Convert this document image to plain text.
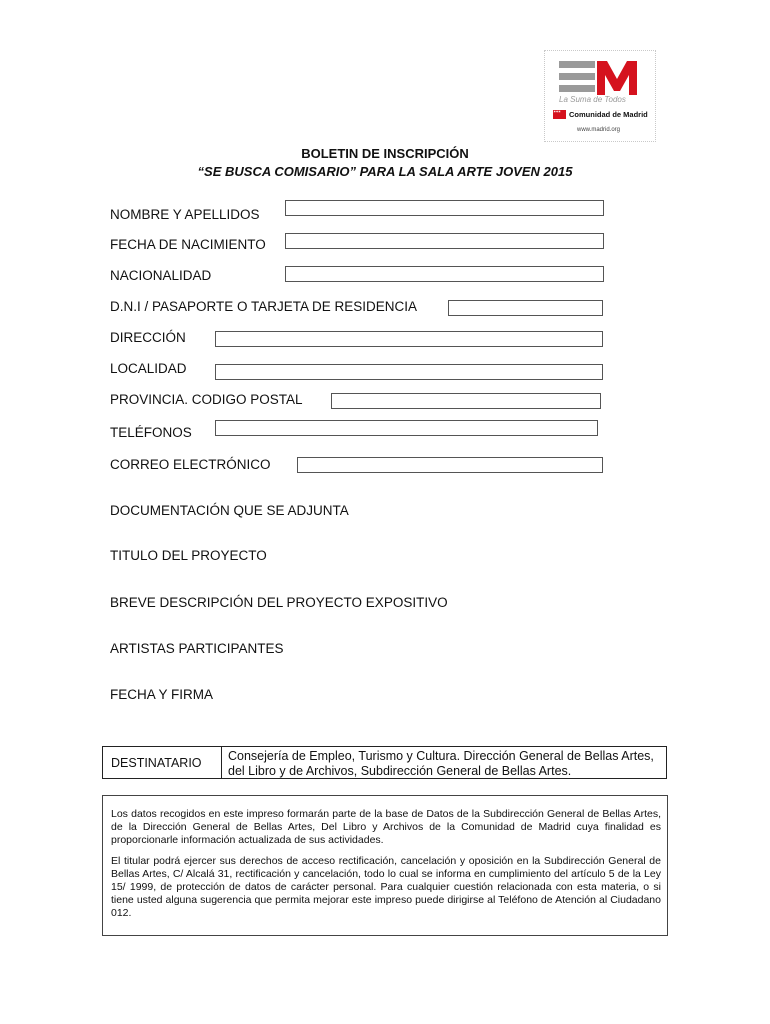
La Suma de Todos
✶✶✶
Comunidad de Madrid
www.madrid.org
BOLETIN DE INSCRIPCIÓN
“SE BUSCA COMISARIO” PARA LA SALA ARTE JOVEN 2015
NOMBRE Y APELLIDOS
FECHA DE NACIMIENTO
NACIONALIDAD
D.N.I / PASAPORTE O TARJETA DE RESIDENCIA
DIRECCIÓN
LOCALIDAD
PROVINCIA. CODIGO POSTAL
TELÉFONOS
CORREO ELECTRÓNICO
DOCUMENTACIÓN QUE SE ADJUNTA
TITULO DEL PROYECTO
BREVE DESCRIPCIÓN DEL PROYECTO EXPOSITIVO
ARTISTAS PARTICIPANTES
FECHA Y FIRMA
DESTINATARIO	Consejería de Empleo, Turismo y Cultura. Dirección General de Bellas Artes, del Libro y de Archivos, Subdirección General de Bellas Artes.

Los datos recogidos en este impreso formarán parte de la base de Datos de la Subdirección General de Bellas Artes, de la Dirección General de Bellas Artes, Del Libro y Archivos de la Comunidad de Madrid cuya finalidad es proporcionarle información actualizada de sus actividades.

El titular podrá ejercer sus derechos de acceso rectificación, cancelación y oposición en la Subdirección General de Bellas Artes, C/ Alcalá 31, rectificación y cancelación, todo lo cual se informa en cumplimiento del artículo 5 de la Ley 15/ 1999, de protección de datos de carácter personal. Para cualquier cuestión relacionada con esta materia, o si tiene usted alguna sugerencia que permita mejorar este impreso puede dirigirse al Teléfono de Atención al Ciudadano 012.
